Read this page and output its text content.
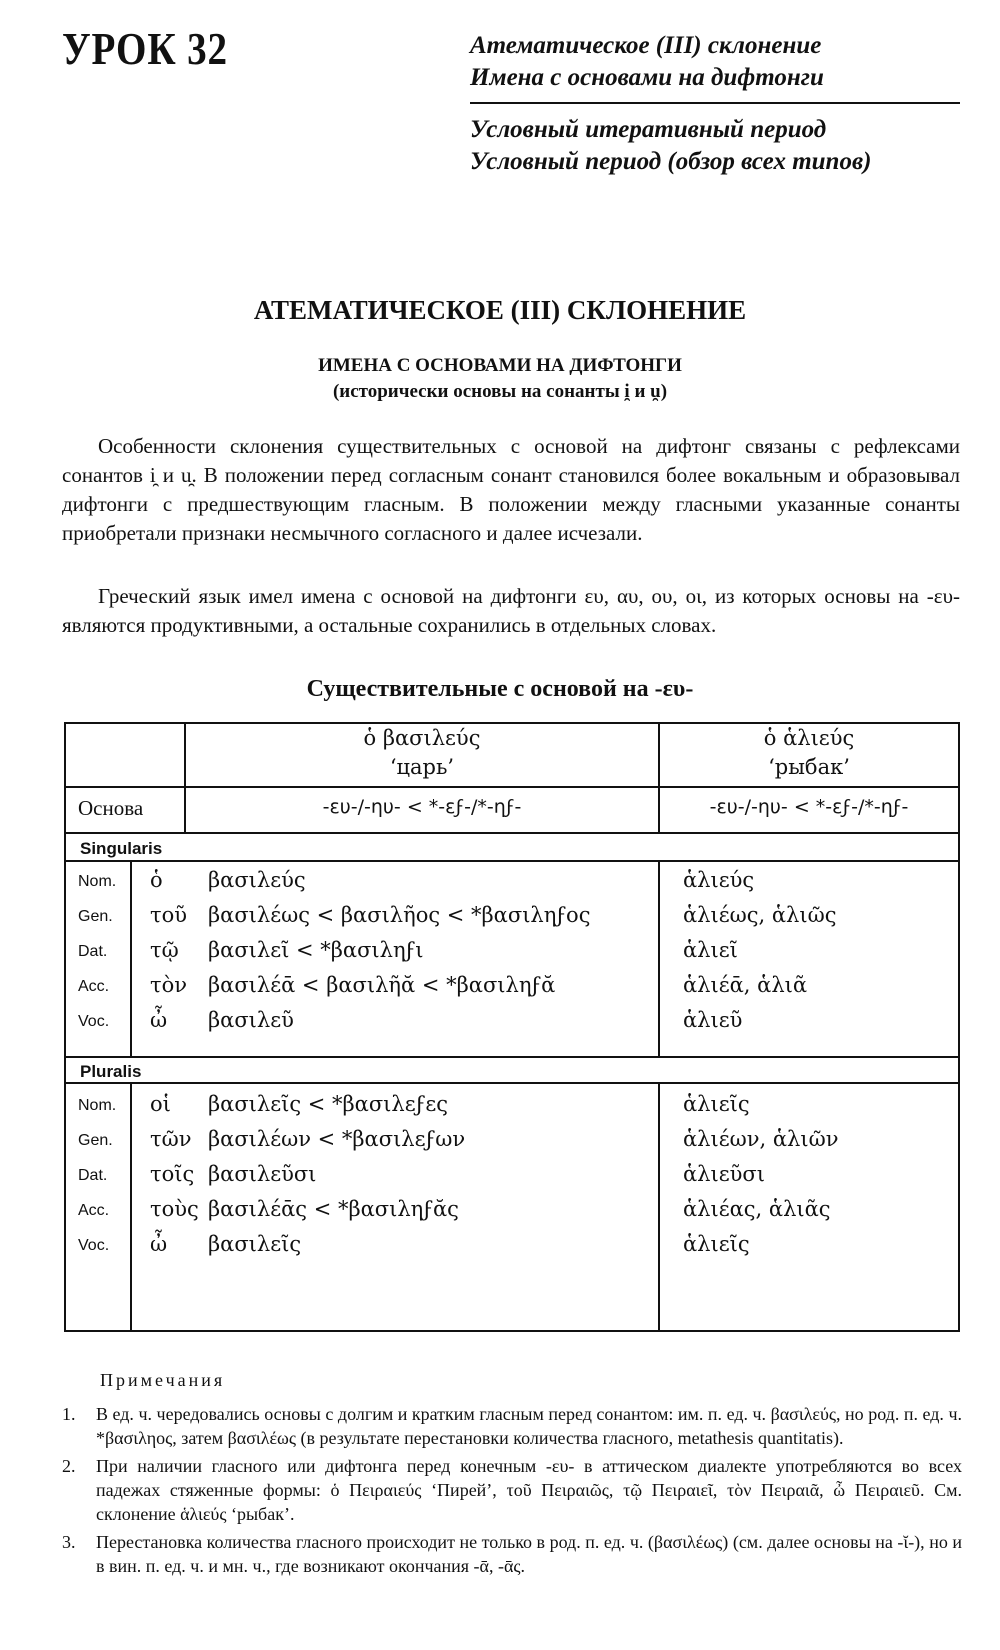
УРОК 32	Атематическое (III) склонение
Имена с основами на дифтонги
Условный итеративный период
Условный период (обзор всех типов)
АТЕМАТИЧЕСКОЕ (III) СКЛОНЕНИЕ
ИМЕНА С ОСНОВАМИ НА ДИФТОНГИ
(исторически основы на сонанты i̯ и u̯)

Особенности склонения существительных с основой на дифтонг связаны с рефлексами сонантов i̯ и u̯. В положении перед согласным сонант становился более вокальным и образовывал дифтонги с предшествующим гласным. В положении между гласными указанные сонанты приобретали признаки несмычного согласного и далее исчезали.

Греческий язык имел имена с основой на дифтонги ευ, αυ, ου, οι, из которых основы на -ευ- являются продуктивными, а остальные сохранились в отдельных словах.

Существительные с основой на -ευ-
ὁ βασιλεύς
‘царь’
ὁ ἁλιεύς
‘рыбак’
Основа	-ευ-/-ηυ- < *-εϝ-/*-ηϝ-	-ευ-/-ηυ- < *-εϝ-/*-ηϝ-
Singularis
Nom. ὁ βασιλεύς	ἁλιεύς
Gen. τοῦ βασιλέως < βασιλῆος < *βασιληϝος	ἁλιέως, ἁλιῶς
Dat. τῷ βασιλεῖ < *βασιληϝι	ἁλιεῖ
Acc. τὸν βασιλέᾱ < βασιλῆᾰ < *βασιληϝᾰ	ἁλιέᾱ, ἁλιᾶ
Voc. ὦ βασιλεῦ	ἁλιεῦ
Pluralis
Nom. οἱ βασιλεῖς < *βασιλεϝες	ἁλιεῖς
Gen. τῶν βασιλέων < *βασιλεϝων	ἁλιέων, ἁλιῶν
Dat. τοῖς βασιλεῦσι	ἁλιεῦσι
Acc. τοὺς βασιλέᾱς < *βασιληϝᾰς	ἁλιέας, ἁλιᾶς
Voc. ὦ βασιλεῖς	ἁλιεῖς
Примечания
1. В ед. ч. чередовались основы с долгим и кратким гласным перед сонантом: им. п. ед. ч. βασιλεύς, но род. п. ед. ч. *βασιληος, затем βασιλέως (в результате перестановки количества гласного, metathesis quantitatis).
2. При наличии гласного или дифтонга перед конечным -ευ- в аттическом диалекте употребляются во всех падежах стяженные формы: ὁ Πειραιεύς ‘Пирей’, τοῦ Πειραιῶς, τῷ Πειραιεῖ, τὸν Πειραιᾶ, ὦ Πειραιεῦ. См. склонение ἁλιεύς ‘рыбак’.
3. Перестановка количества гласного происходит не только в род. п. ед. ч. (βασιλέως) (см. далее основы на -ῐ-), но и в вин. п. ед. ч. и мн. ч., где возникают окончания -ᾱ, -ᾱς.
